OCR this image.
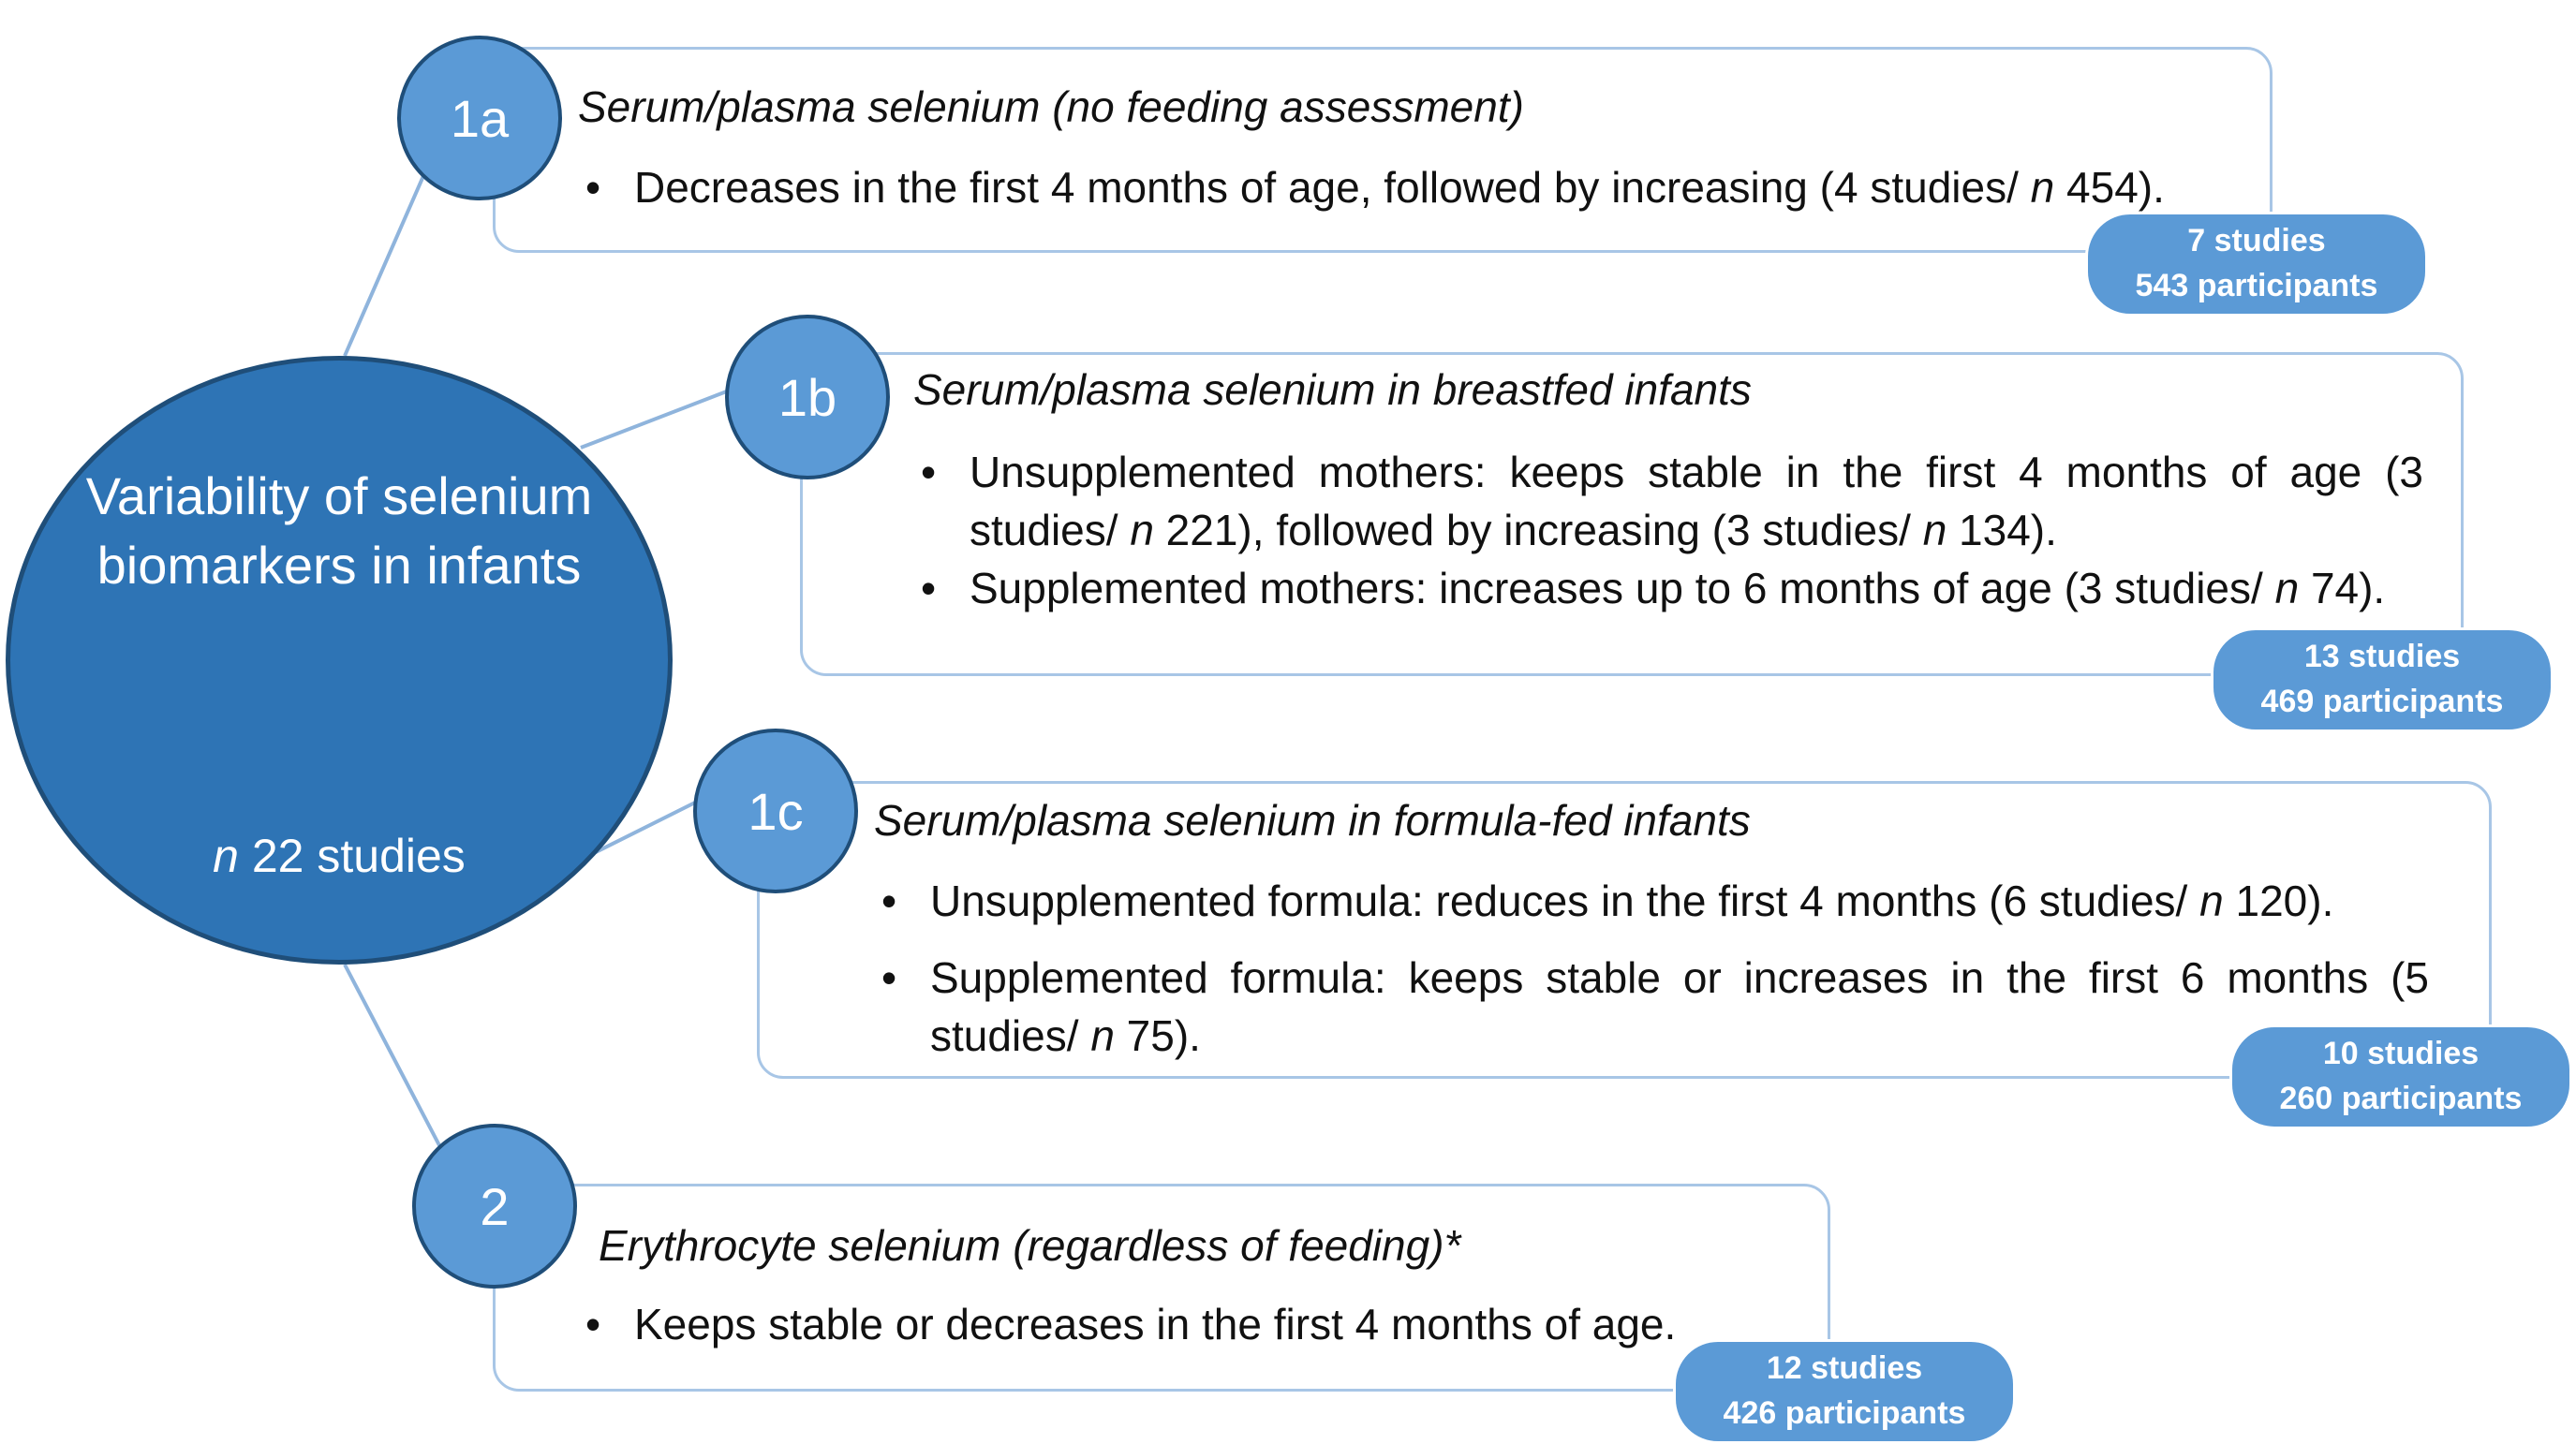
Variability of selenium biomarkers in infants
n 22 studies
Serum/plasma selenium (no feeding assessment)
• Decreases in the first 4 months of age, followed by increasing (4 studies/ n 454).
1a
7 studies
543 participants
Serum/plasma selenium in breastfed infants
• Unsupplemented mothers: keeps stable in the first 4 months of age (3 studies/ n 221), followed by increasing (3 studies/ n 134).
• Supplemented mothers: increases up to 6 months of age (3 studies/ n 74).
1b
13 studies
469 participants
Serum/plasma selenium in formula-fed infants
• Unsupplemented formula: reduces in the first 4 months (6 studies/ n 120).
• Supplemented formula: keeps stable or increases in the first 6 months (5 studies/ n 75).
1c
10 studies
260 participants
Erythrocyte selenium (regardless of feeding)*
• Keeps stable or decreases in the first 4 months of age.
2
12 studies
426 participants
